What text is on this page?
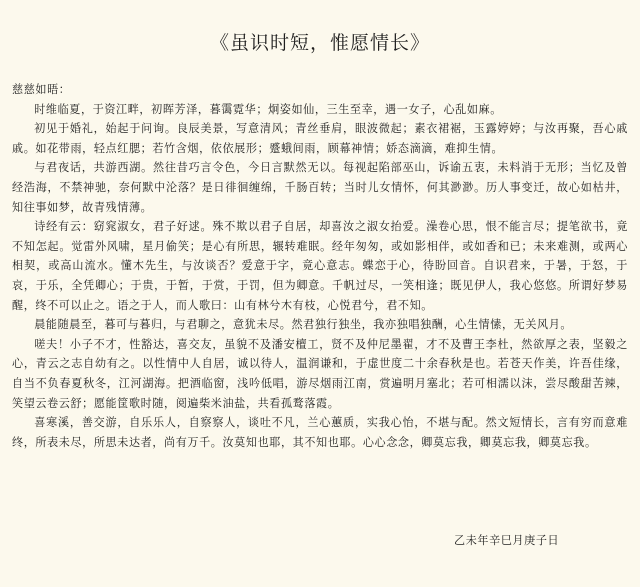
《虽识时短，惟愿情长》

慈慈如晤：

时维临夏，于资江畔，初晖芳泽，暮霭霓华；炯姿如仙，三生至幸，遇一女子，心乱如麻。

初见于婚礼，始起于问询。良辰美景，写意清风；青丝垂肩，眼波微起；素衣裙裾，玉露婷婷；与汝再聚，吾心戚戚。如花带雨，轻点红腮；若竹含烟，依依展形；蹙蛾间雨，顾幕神情；娇态滴滴，难抑生情。

与君夜话，共游西湖。然往昔巧言令色，今日言默然无以。每视起陷部巫山，诉谕五衷，未料消于无形；当忆及曾经浩海，不禁神驰，奈何默中沦落？是日徘徊缠绵，千肠百转；当时儿女情怀，何其渺渺。历人事变迁，故心如枯井，知往事如梦，故青残情薄。

诗经有云：窈窕淑女，君子好逑。殊不欺以君子自居，却喜汝之淑女抬爱。澡卷心思，恨不能言尽；提笔欲书，竟不知怎起。觉雷外风啸，星月偷笑；是心有所思，辗转难眠。经年匆匆，或如影相伴，或如香和已；未来难测，或两心相契，或高山流水。懂木先生，与汝谈否？爱意于字，竟心意志。蝶恋于心，待盼回音。自识君来，于暑，于怒，于哀，于乐，全凭卿心；于贵，于暂，于赏，于罚，但为卿意。千帆过尽，一笑相逢；既见伊人，我心悠悠。所谓好梦易醒，终不可以止之。语之于人，而人歌曰：山有林兮木有枝，心悦君兮，君不知。

晨能随晨至，暮可与暮归，与君聊之，意犹未尽。然君独行独坐，我亦独唱独酬，心生情愫，无关风月。

嗟夫！小子不才，性豁达，喜交友，虽貌不及潘安檀工，贤不及仲尼墨翟，才不及曹王李杜，然欲厚之表，坚毅之心，青云之志自幼有之。以性情中人自居，诚以待人，温润谦和，于虚世度二十余春秋是也。若苍天作美，许吾佳缘，自当不负春夏秋冬，江河湖海。把酒临窗，浅吟低唱，游尽烟雨江南，赏遍明月塞北；若可相濡以沫，尝尽酸甜苦辣，笑望云卷云舒；愿能筐歌时随，阅遍柴米油盐，共看孤鹜落霞。

喜寒溪，善交游，自乐乐人，自察察人，谈吐不凡，兰心蕙质，实我心怡，不堪与配。然文短情长，言有穷而意难终，所表未尽，所思未达者，尚有万千。汝莫知也耶，其不知也耶。心心念念，卿莫忘我，卿莫忘我，卿莫忘我。

乙未年辛巳月庚子日
